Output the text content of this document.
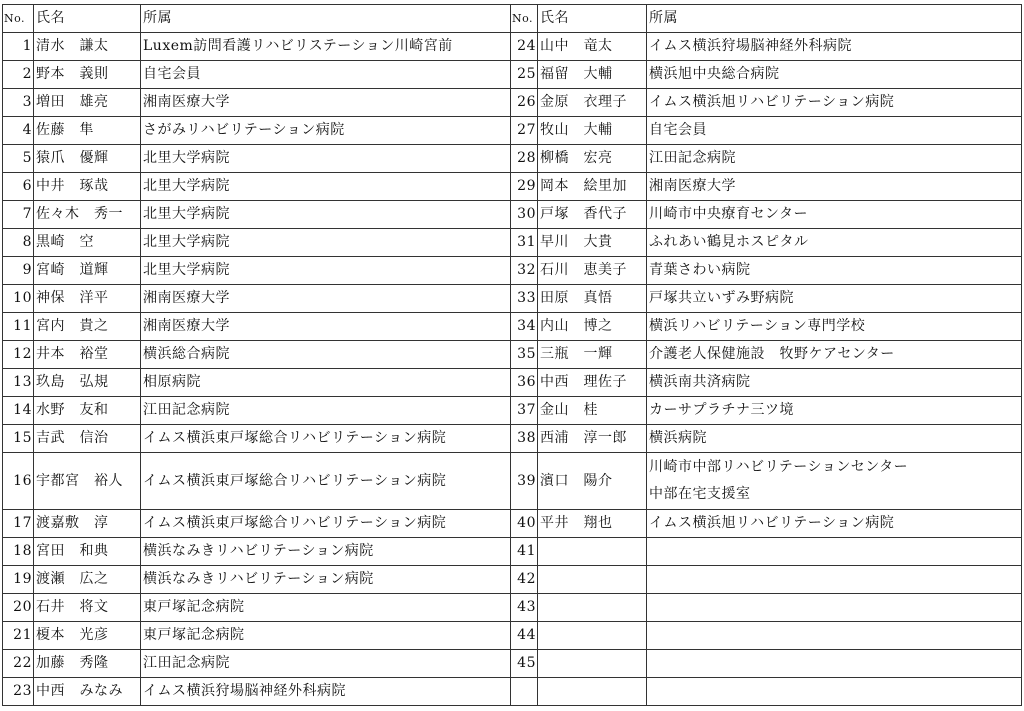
No.	氏名	所属	No.	氏名	所属
1	清水　謙太	Luxem訪問看護リハビリステーション川崎宮前	24	山中　竜太	イムス横浜狩場脳神経外科病院
2	野本　義則	自宅会員	25	福留　大輔	横浜旭中央総合病院
3	増田　雄亮	湘南医療大学	26	金原　衣理子	イムス横浜旭リハビリテーション病院
4	佐藤　隼	さがみリハビリテーション病院	27	牧山　大輔	自宅会員
5	猿爪　優輝	北里大学病院	28	柳橋　宏亮	江田記念病院
6	中井　琢哉	北里大学病院	29	岡本　絵里加	湘南医療大学
7	佐々木　秀一	北里大学病院	30	戸塚　香代子	川崎市中央療育センター
8	黒崎　空	北里大学病院	31	早川　大貴	ふれあい鶴見ホスピタル
9	宮崎　道輝	北里大学病院	32	石川　恵美子	青葉さわい病院
10	神保　洋平	湘南医療大学	33	田原　真悟	戸塚共立いずみ野病院
11	宮内　貴之	湘南医療大学	34	内山　博之	横浜リハビリテーション専門学校
12	井本　裕堂	横浜総合病院	35	三瓶　一輝	介護老人保健施設　牧野ケアセンター
13	玖島　弘規	相原病院	36	中西　理佐子	横浜南共済病院
14	水野　友和	江田記念病院	37	金山　桂	カーサプラチナ三ツ境
15	吉武　信治	イムス横浜東戸塚総合リハビリテーション病院	38	西浦　淳一郎	横浜病院
16	宇都宮　裕人	イムス横浜東戸塚総合リハビリテーション病院	39	濱口　陽介	川崎市中部リハビリテーションセンター
中部在宅支援室
17	渡嘉敷　淳	イムス横浜東戸塚総合リハビリテーション病院	40	平井　翔也	イムス横浜旭リハビリテーション病院
18	宮田　和典	横浜なみきリハビリテーション病院	41		
19	渡瀬　広之	横浜なみきリハビリテーション病院	42		
20	石井　将文	東戸塚記念病院	43		
21	榎本　光彦	東戸塚記念病院	44		
22	加藤　秀隆	江田記念病院	45		
23	中西　みなみ	イムス横浜狩場脳神経外科病院			
